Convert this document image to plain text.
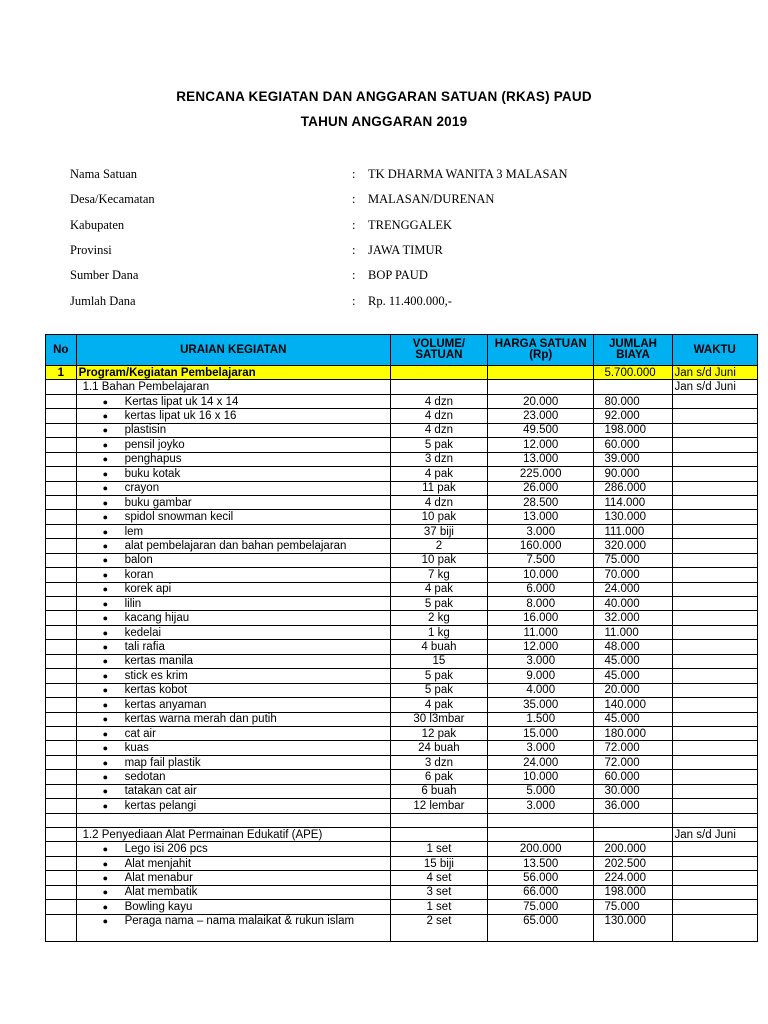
RENCANA KEGIATAN DAN ANGGARAN SATUAN (RKAS) PAUD
TAHUN ANGGARAN 2019
Nama Satuan	:	TK DHARMA WANITA 3 MALASAN
Desa/Kecamatan	:	MALASAN/DURENAN
Kabupaten	:	TRENGGALEK
Provinsi	:	JAWA TIMUR
Sumber Dana	:	BOP PAUD
Jumlah Dana	:	Rp. 11.400.000,-
No	URAIAN KEGIATAN	VOLUME/ SATUAN	HARGA SATUAN (Rp)	JUMLAH BIAYA	WAKTU
1	Program/Kegiatan Pembelajaran			5.700.000	Jan s/d Juni
	1.1 Bahan Pembelajaran				Jan s/d Juni
	● Kertas lipat uk 14 x 14	4 dzn	20.000	80.000	
	● kertas lipat uk 16 x 16	4 dzn	23.000	92.000	
	● plastisin	4 dzn	49.500	198.000	
	● pensil joyko	5 pak	12.000	60.000	
	● penghapus	3 dzn	13.000	39.000	
	● buku kotak	4 pak	225.000	90.000	
	● crayon	11 pak	26.000	286.000	
	● buku gambar	4 dzn	28.500	114.000	
	● spidol snowman kecil	10 pak	13.000	130.000	
	● lem	37 biji	3.000	111.000	
	● alat pembelajaran dan bahan pembelajaran	2	160.000	320.000	
	● balon	10 pak	7.500	75.000	
	● koran	7 kg	10.000	70.000	
	● korek api	4 pak	6.000	24.000	
	● lilin	5 pak	8.000	40.000	
	● kacang hijau	2 kg	16.000	32.000	
	● kedelai	1 kg	11.000	11.000	
	● tali rafia	4 buah	12.000	48.000	
	● kertas manila	15	3.000	45.000	
	● stick es krim	5 pak	9.000	45.000	
	● kertas kobot	5 pak	4.000	20.000	
	● kertas anyaman	4 pak	35.000	140.000	
	● kertas warna merah dan putih	30 l3mbar	1.500	45.000	
	● cat air	12 pak	15.000	180.000	
	● kuas	24 buah	3.000	72.000	
	● map fail plastik	3 dzn	24.000	72.000	
	● sedotan	6 pak	10.000	60.000	
	● tatakan cat air	6 buah	5.000	30.000	
	● kertas pelangi	12 lembar	3.000	36.000	

	1.2 Penyediaan Alat Permainan Edukatif (APE)				Jan s/d Juni
	● Lego isi 206 pcs	1 set	200.000	200.000	
	● Alat menjahit	15 biji	13.500	202.500	
	● Alat menabur	4 set	56.000	224.000	
	● Alat membatik	3 set	66.000	198.000	
	● Bowling kayu	1 set	75.000	75.000	
	● Peraga nama – nama malaikat & rukun islam	2 set	65.000	130.000	
